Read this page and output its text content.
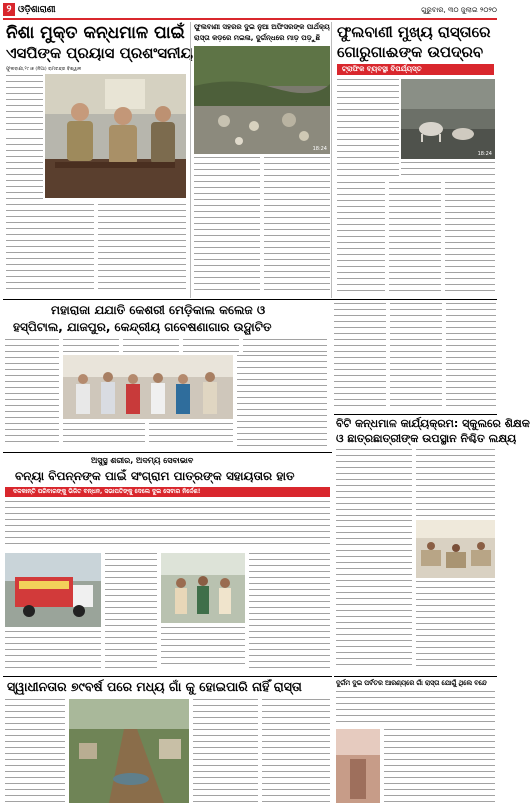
୨ ଓଡ଼ିଶାରାଣୀ	ଗୁରୁବାର, ୩୦ ଜୁଲାଇ ୨୦୨୦
ନିଶା ମୁକ୍ତ କନ୍ଧମାଳ ପାଇଁ
ଏସପିଙ୍କ ପ୍ରୟାସ ପ୍ରଶଂସନୀୟ
ଫୁଲବାଣୀ,୨୯।୭ (ନିଆ) ରାମଚନ୍ଦ୍ର ବିଶ୍ୱାଳ
ଫୁଲବାଣୀ ସହରର ଦୁଇ ନୁଆ ଅଫିସରଙ୍କ ପାର୍ଥକ୍ୟ
ରାସ୍ତା କଡ଼ରେ ମଇଳା, ଦୁର୍ଗନ୍ଧରେ ମାଡ଼ ପଡ଼ୁଛି
18:24
ଫୁଲବାଣୀ ମୁଖ୍ୟ ରାସ୍ତାରେ
ଗୋରୁଗାଈଙ୍କ ଉପଦ୍ରବ
ଟ୍ରାଫିକ ବ୍ୟବସ୍ଥା ବିପର୍ଯ୍ୟସ୍ତ
18:24
ମହାରାଜା ଯଯାତି କେଶରୀ ମେଡ଼ିକାଲ କଲେଜ ଓ
ହସ୍ପିଟାଲ, ଯାଜପୁର, କେନ୍ଦ୍ରୀୟ ଗବେଷଣାଗାର ଉଦ୍ଘାଟିତ
ବିଟି କନ୍ଧମାଳ କାର୍ଯ୍ୟକ୍ରମ: ସ୍କୁଲରେ ଶିକ୍ଷକ
ଓ ଛାତ୍ରଛାତ୍ରୀଙ୍କ ଉପସ୍ଥାନ ନିଶ୍ଚିତ ଲକ୍ଷ୍ୟ
ଅସୁସ୍ଥ ଶରୀର, ଅଦମ୍ୟ ସେବାଭାବ
ବନ୍ୟା ବିପନ୍ନଙ୍କ ପାଇଁ ସଂଗ୍ରାମ ପାତ୍ରଙ୍କ ସହାୟତାର ହାତ
ଦଳକାନ୍ତି ପରିବାରଙ୍କୁ ଭିଜିତ ବନ୍ଧନ, ସଭାପତିଙ୍କୁ ଦେଲେ ଦୁଇ ସେବାର ନିର୍ଦ୍ଦେଶ!
ସ୍ୱାଧୀନତାର ୭୯ବର୍ଷ ପରେ ମଧ୍ୟ ଗାଁ କୁ ହୋଇପାରି ନାହିଁ ରାସ୍ତା	ଦୁର୍ଗମ ଦୁଇ ପର୍ବତର ଆରଣ୍ୟରେ ଗାଁ ରାସ୍ତା ଯୋଗୁଁ ଥିଲେ ବନ୍ଦେ
